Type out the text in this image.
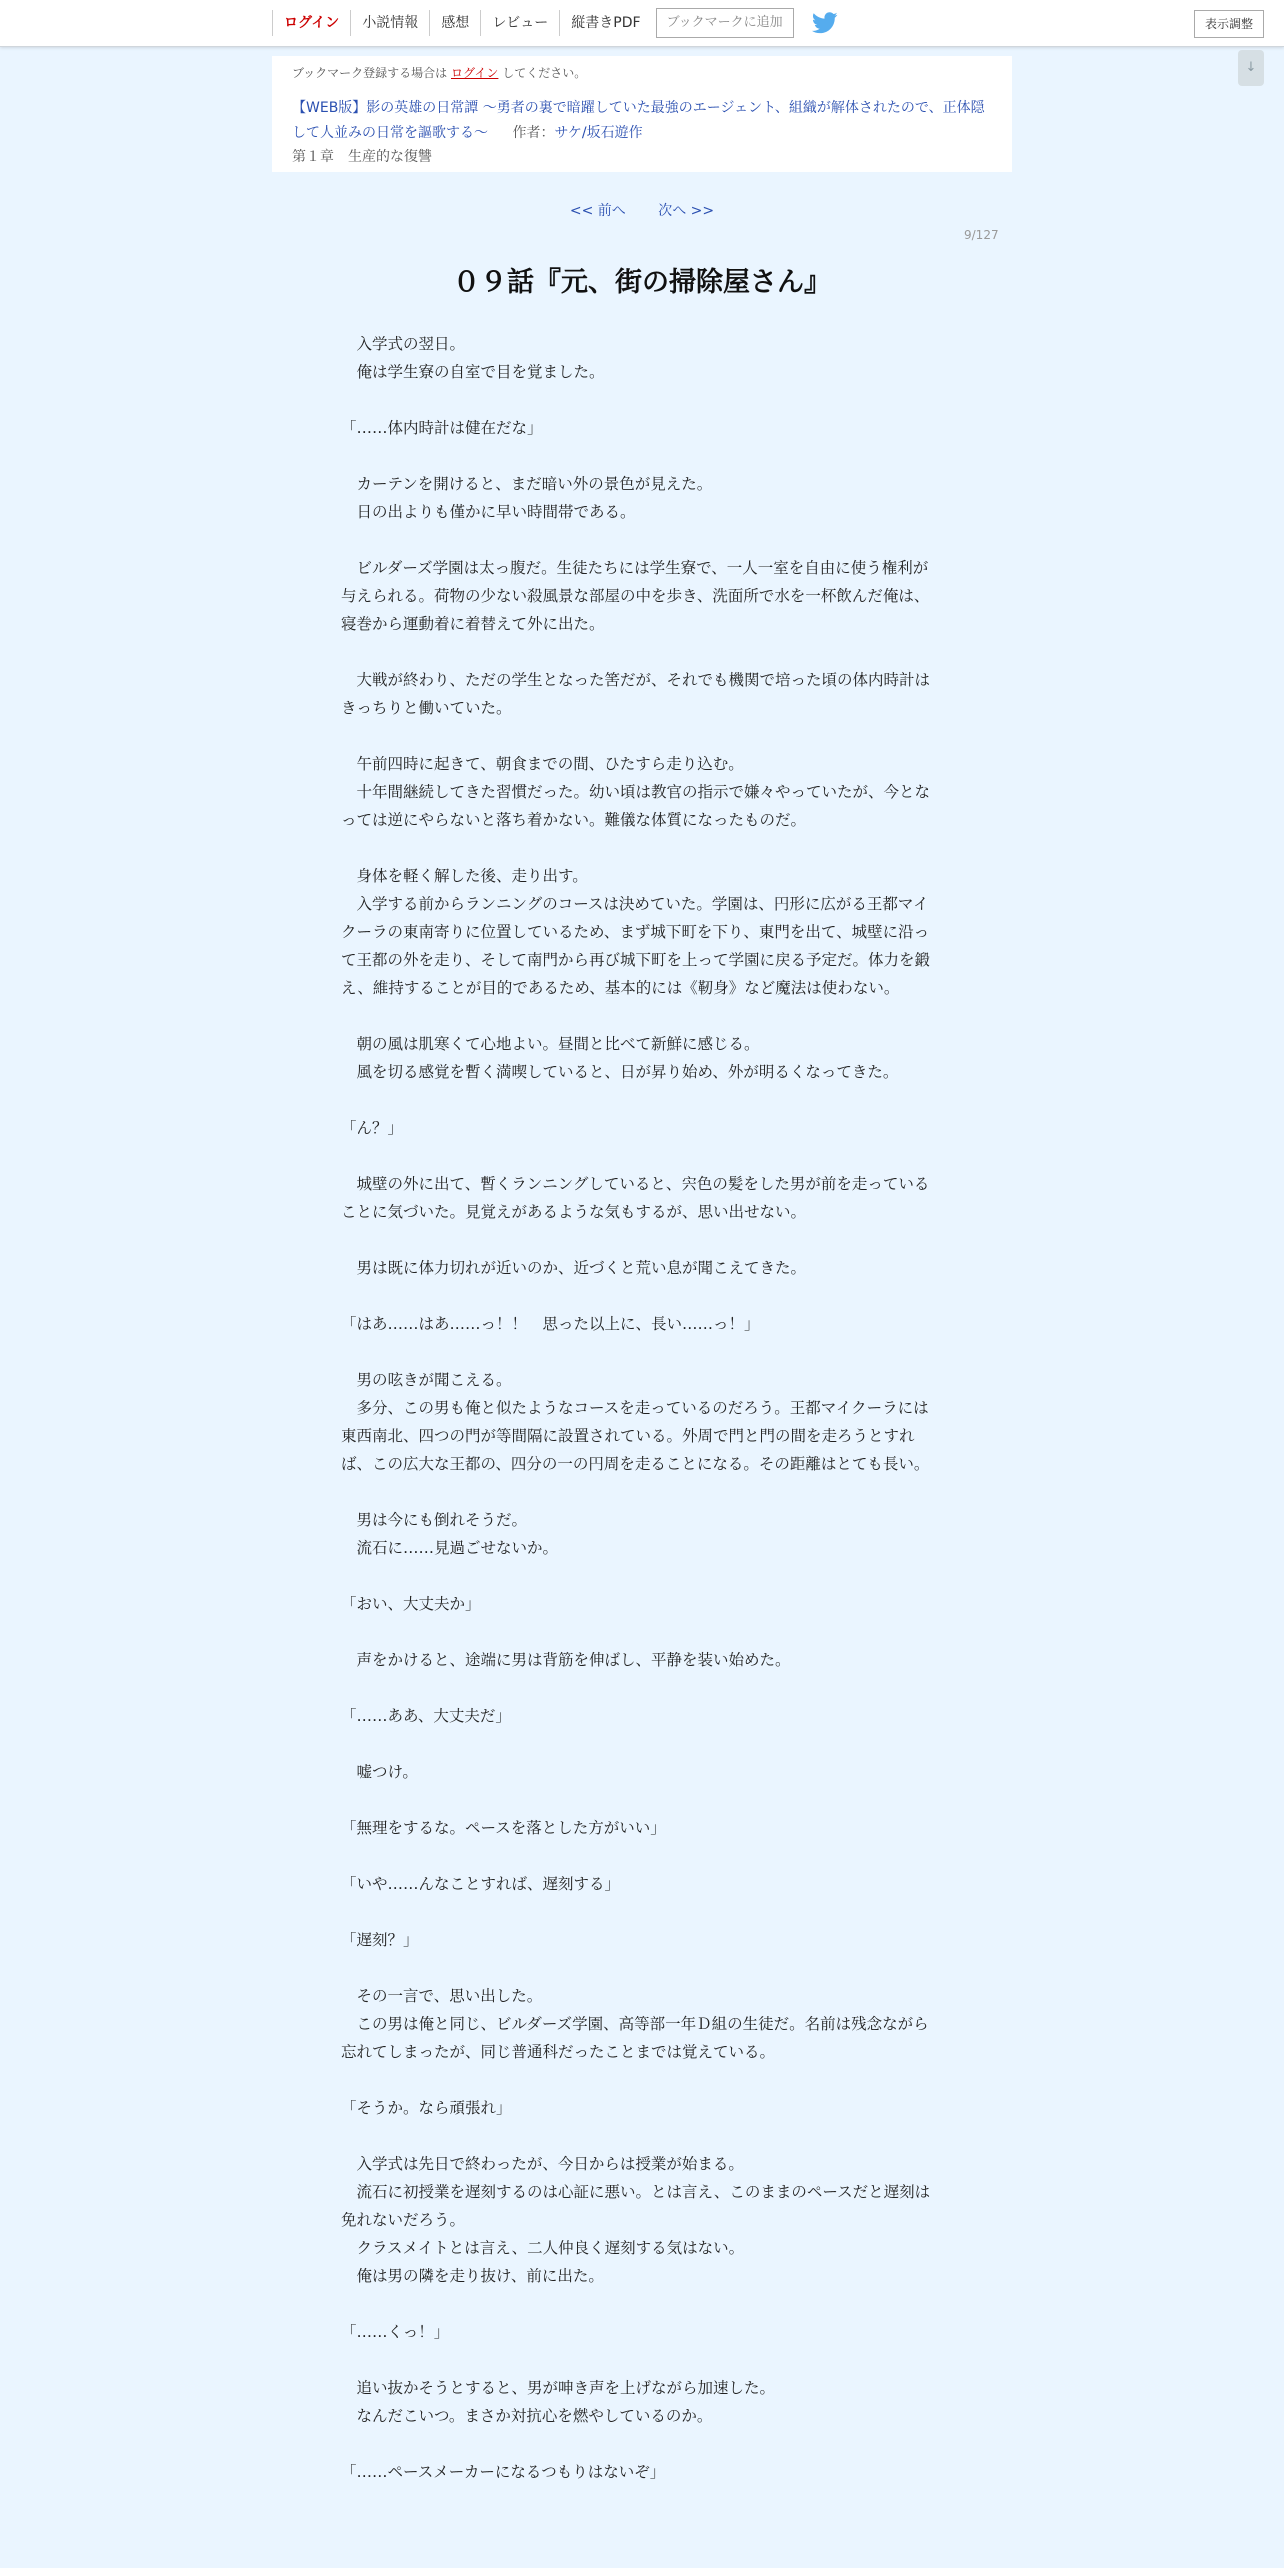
ログイン	小説情報	感想	レビュー	縦書きPDF	ブックマークに追加	表示調整
↓
ブックマーク登録する場合は ログイン してください。
【WEB版】影の英雄の日常譚 ～勇者の裏で暗躍していた最強のエージェント、組織が解体されたので、正体隠して人並みの日常を謳歌する～ 作者：サケ/坂石遊作
第１章　生産的な復讐
<< 前へ 次へ >>
9/127
０９話『元、街の掃除屋さん』

　入学式の翌日。

　俺は学生寮の自室で目を覚ました。

「……体内時計は健在だな」

　カーテンを開けると、まだ暗い外の景色が見えた。

　日の出よりも僅かに早い時間帯である。

　ビルダーズ学園は太っ腹だ。生徒たちには学生寮で、一人一室を自由に使う権利が与えられる。荷物の少ない殺風景な部屋の中を歩き、洗面所で水を一杯飲んだ俺は、寝巻から運動着に着替えて外に出た。

　大戦が終わり、ただの学生となった筈だが、それでも機関で培った頃の体内時計はきっちりと働いていた。

　午前四時に起きて、朝食までの間、ひたすら走り込む。

　十年間継続してきた習慣だった。幼い頃は教官の指示で嫌々やっていたが、今となっては逆にやらないと落ち着かない。難儀な体質になったものだ。

　身体を軽く解した後、走り出す。

　入学する前からランニングのコースは決めていた。学園は、円形に広がる王都マイクーラの東南寄りに位置しているため、まず城下町を下り、東門を出て、城壁に沿って王都の外を走り、そして南門から再び城下町を上って学園に戻る予定だ。体力を鍛え、維持することが目的であるため、基本的には《靭身》など魔法は使わない。

　朝の風は肌寒くて心地よい。昼間と比べて新鮮に感じる。

　風を切る感覚を暫く満喫していると、日が昇り始め、外が明るくなってきた。

「ん？」

　城壁の外に出て、暫くランニングしていると、宍色の髪をした男が前を走っていることに気づいた。見覚えがあるような気もするが、思い出せない。

　男は既に体力切れが近いのか、近づくと荒い息が聞こえてきた。

「はあ……はあ……っ！！　思った以上に、長い……っ！」

　男の呟きが聞こえる。

　多分、この男も俺と似たようなコースを走っているのだろう。王都マイクーラには東西南北、四つの門が等間隔に設置されている。外周で門と門の間を走ろうとすれば、この広大な王都の、四分の一の円周を走ることになる。その距離はとても長い。

　男は今にも倒れそうだ。

　流石に……見過ごせないか。

「おい、大丈夫か」

　声をかけると、途端に男は背筋を伸ばし、平静を装い始めた。

「……ああ、大丈夫だ」

　嘘つけ。

「無理をするな。ペースを落とした方がいい」

「いや……んなことすれば、遅刻する」

「遅刻？」

　その一言で、思い出した。

　この男は俺と同じ、ビルダーズ学園、高等部一年Ｄ組の生徒だ。名前は残念ながら忘れてしまったが、同じ普通科だったことまでは覚えている。

「そうか。なら頑張れ」

　入学式は先日で終わったが、今日からは授業が始まる。

　流石に初授業を遅刻するのは心証に悪い。とは言え、このままのペースだと遅刻は免れないだろう。

　クラスメイトとは言え、二人仲良く遅刻する気はない。

　俺は男の隣を走り抜け、前に出た。

「……くっ！」

　追い抜かそうとすると、男が呻き声を上げながら加速した。

　なんだこいつ。まさか対抗心を燃やしているのか。

「……ペースメーカーになるつもりはないぞ」
